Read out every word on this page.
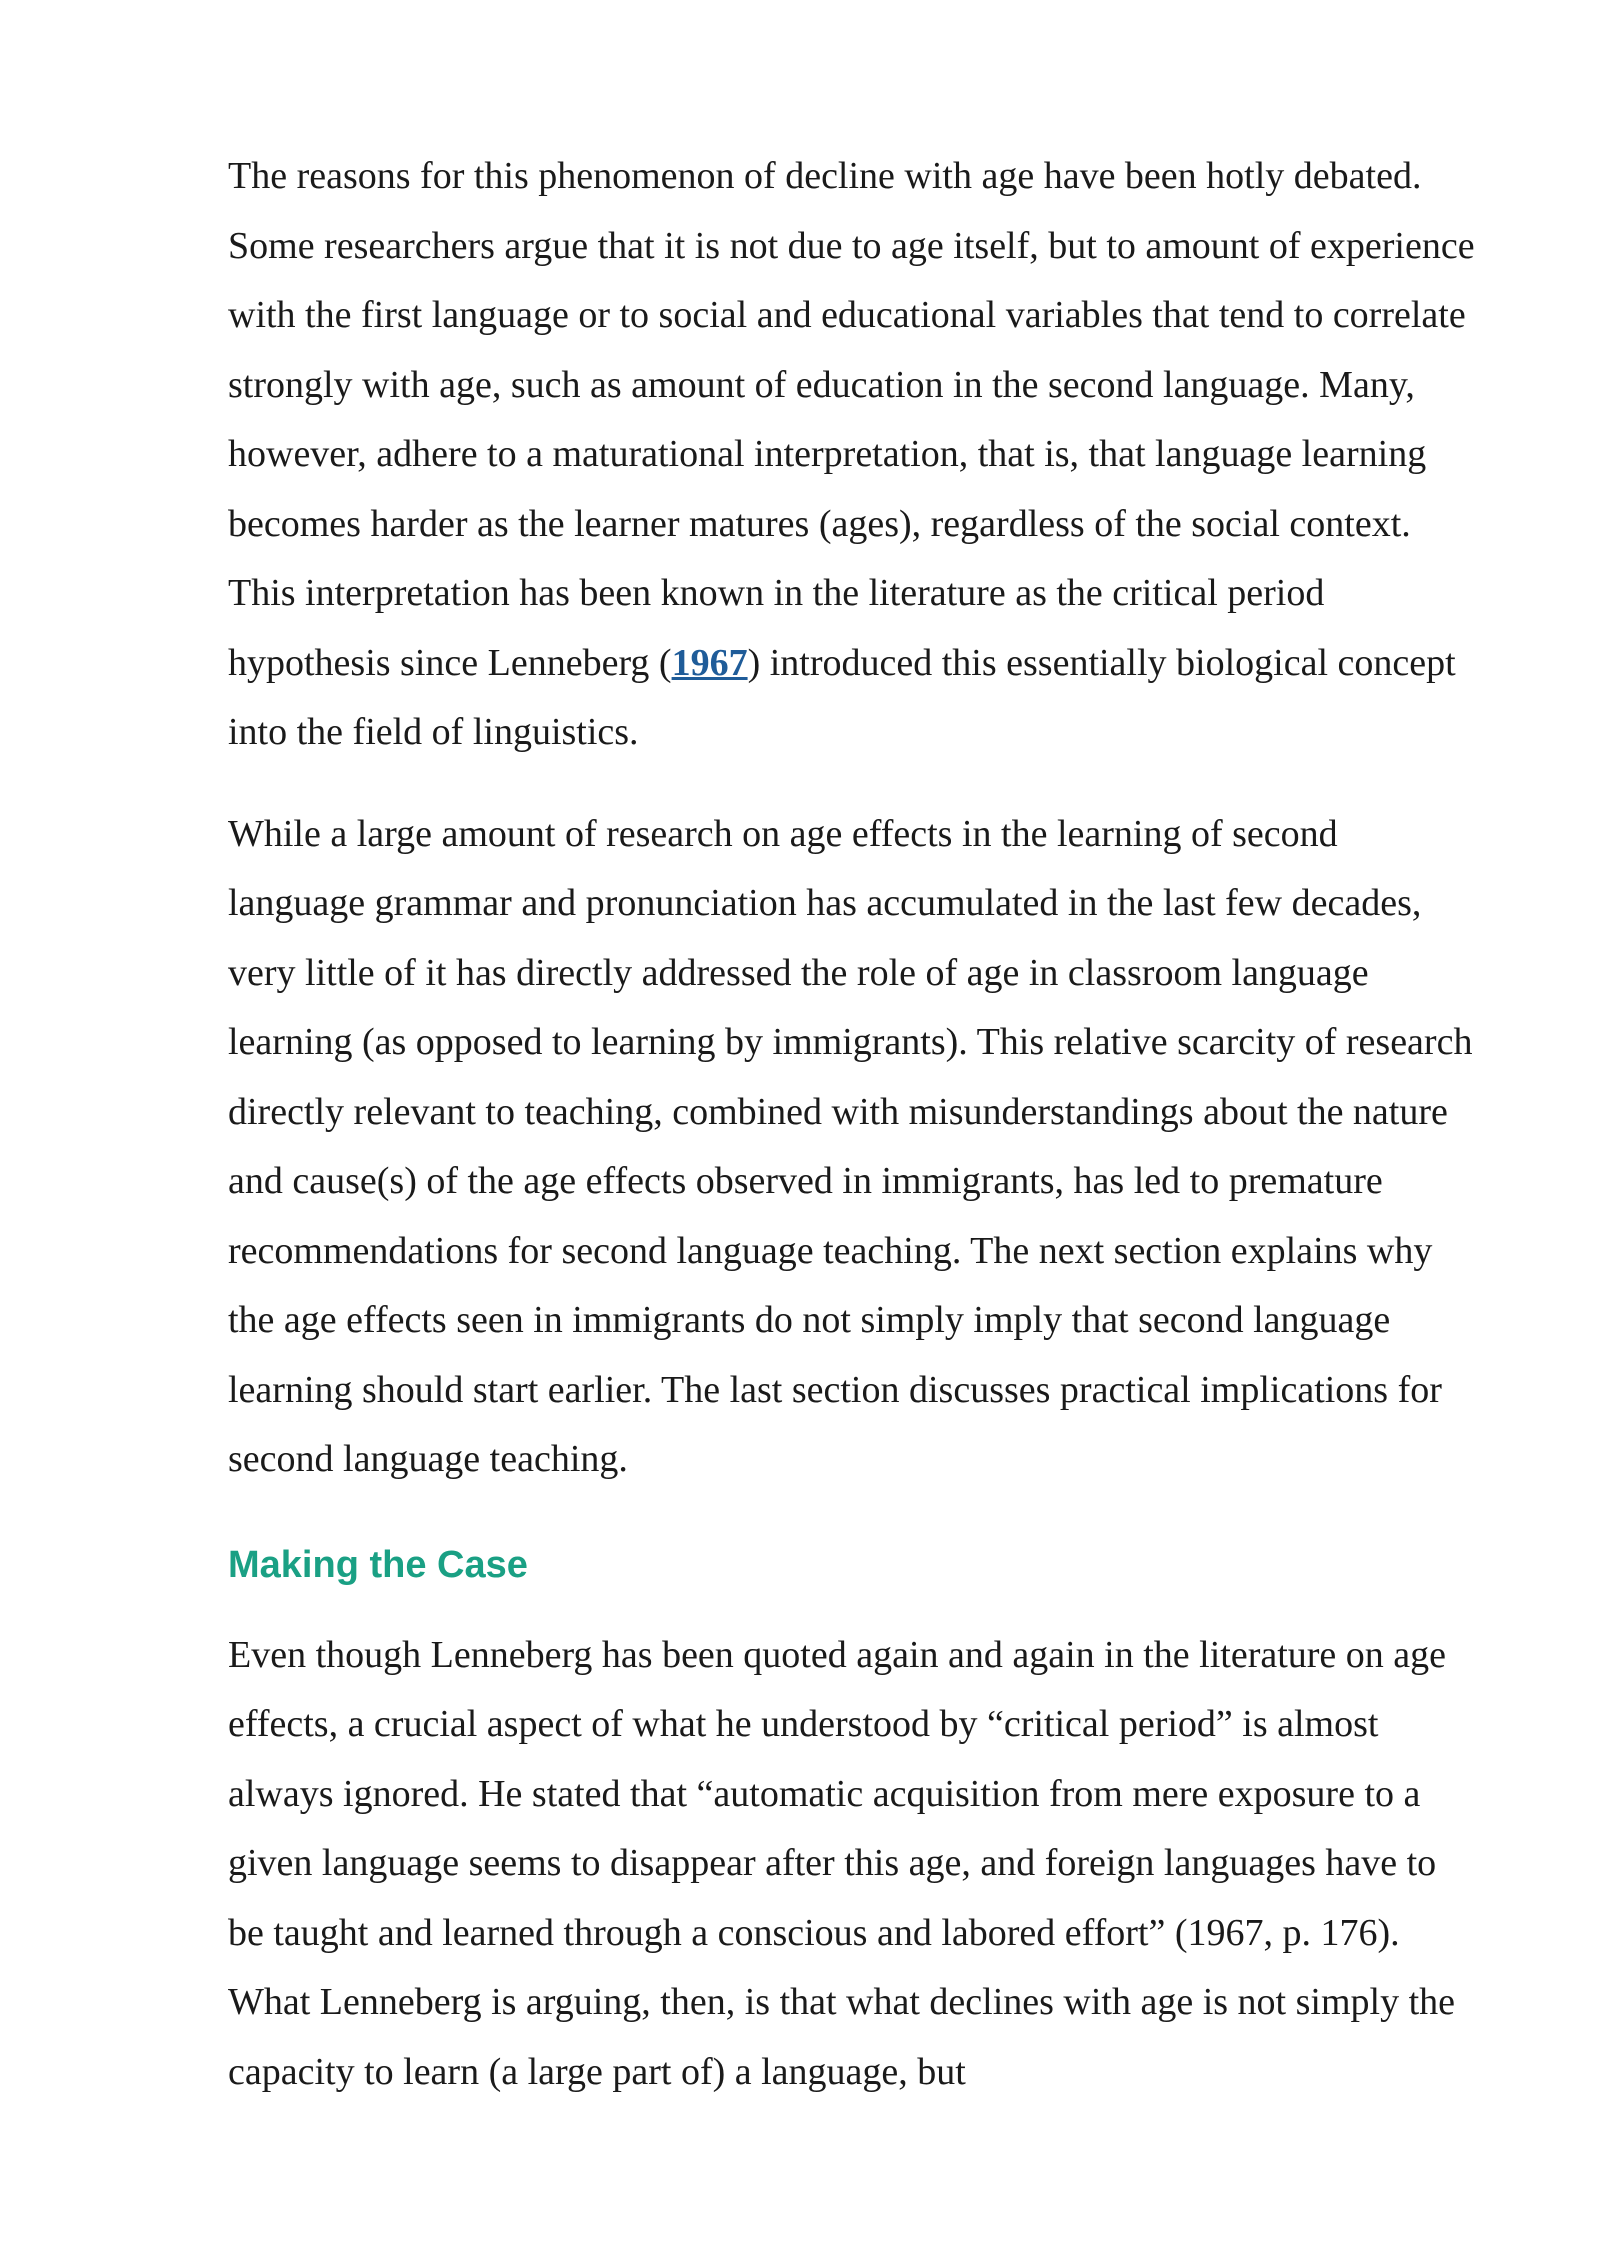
The reasons for this phenomenon of decline with age have been hotly debated. Some researchers argue that it is not due to age itself, but to amount of experience with the first language or to social and educational variables that tend to correlate strongly with age, such as amount of education in the second language. Many, however, adhere to a maturational interpretation, that is, that language learning becomes harder as the learner matures (ages), regardless of the social context. This interpretation has been known in the literature as the critical period hypothesis since Lenneberg (1967) introduced this essentially biological concept into the field of linguistics.

While a large amount of research on age effects in the learning of second language grammar and pronunciation has accumulated in the last few decades, very little of it has directly addressed the role of age in classroom language learning (as opposed to learning by immigrants). This relative scarcity of research directly relevant to teaching, combined with misunderstandings about the nature and cause(s) of the age effects observed in immigrants, has led to premature recommendations for second language teaching. The next section explains why the age effects seen in immigrants do not simply imply that second language learning should start earlier. The last section discusses practical implications for second language teaching.

Making the Case

Even though Lenneberg has been quoted again and again in the literature on age effects, a crucial aspect of what he understood by “critical period” is almost always ignored. He stated that “automatic acquisition from mere exposure to a given language seems to disappear after this age, and foreign languages have to be taught and learned through a conscious and labored effort” (1967, p. 176). What Lenneberg is arguing, then, is that what declines with age is not simply the capacity to learn (a large part of) a language, but
